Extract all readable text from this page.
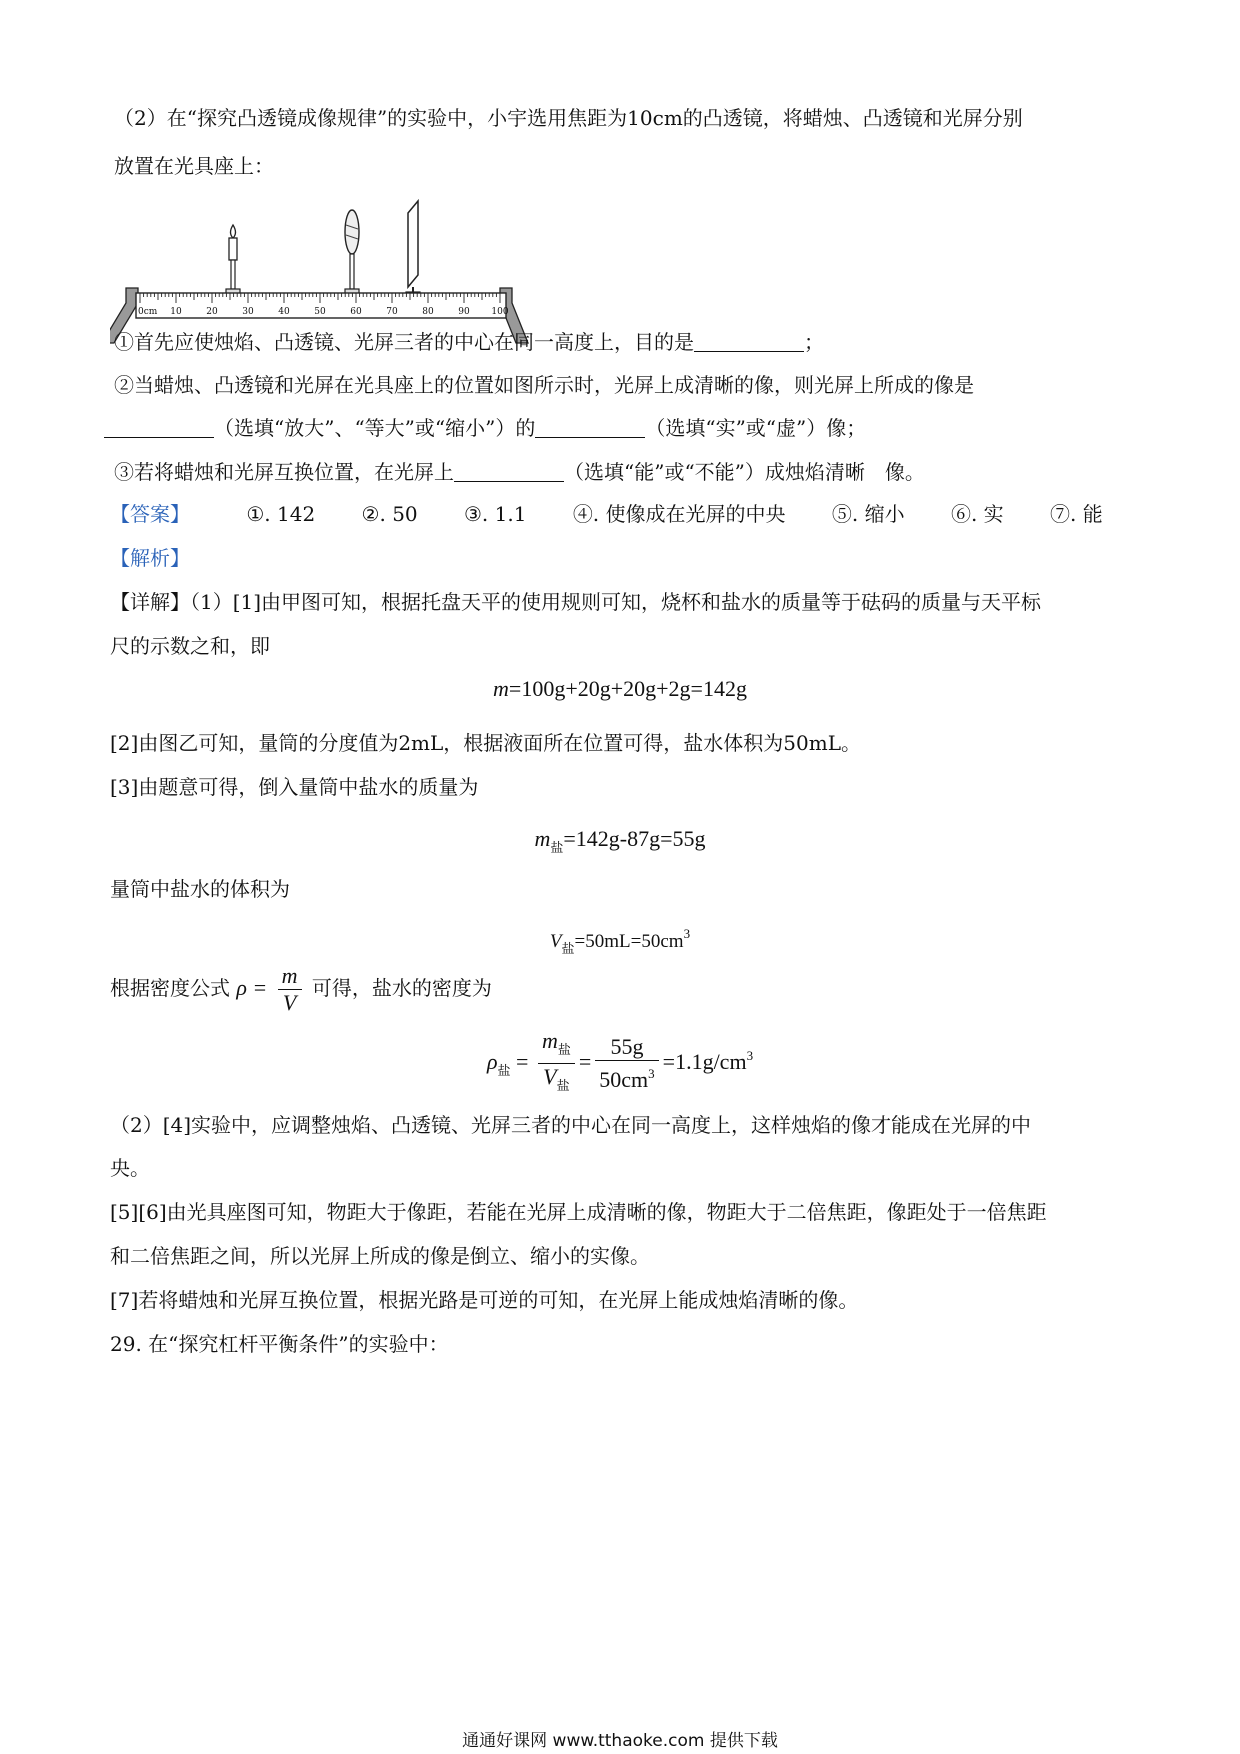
（2）在“探究凸透镜成像规律”的实验中，小宇选用焦距为10cm的凸透镜，将蜡烛、凸透镜和光屏分别
放置在光具座上：
0cm 10	20	30	40	50	60	70	80	90 100
①首先应使烛焰、凸透镜、光屏三者的中心在同一高度上，目的是	；
②当蜡烛、凸透镜和光屏在光具座上的位置如图所示时，光屏上成清晰的像，则光屏上所成的像是
（选填“放大”、“等大”或“缩小”）的	（选填“实”或“虚”）像；
③若将蜡烛和光屏互换位置，在光屏上	（选填“能”或“不能”）成烛焰清晰　像。
【答案】	①. 142 ②. 50 ③. 1.1 ④. 使像成在光屏的中央 ⑤. 缩小 ⑥. 实 ⑦. 能
【解析】
【详解】（1）[1]由甲图可知，根据托盘天平的使用规则可知，烧杯和盐水的质量等于砝码的质量与天平标
尺的示数之和，即
m=100g+20g+20g+2g=142g
[2]由图乙可知，量筒的分度值为2mL，根据液面所在位置可得，盐水体积为50mL。
[3]由题意可得，倒入量筒中盐水的质量为
$m_盐=142g-87g=55g$
量筒中盐水的体积为
$V_盐=50mL=50cm^3$
根据密度公式 $\rho = \frac{m}{V}$ 可得，盐水的密度为
$\rho_盐 = \frac{m_盐}{V_盐} = \frac{55g}{50cm^3} =1.1g/cm^3$
（2）[4]实验中，应调整烛焰、凸透镜、光屏三者的中心在同一高度上，这样烛焰的像才能成在光屏的中
央。
[5][6]由光具座图可知，物距大于像距，若能在光屏上成清晰的像，物距大于二倍焦距，像距处于一倍焦距
和二倍焦距之间，所以光屏上所成的像是倒立、缩小的实像。
[7]若将蜡烛和光屏互换位置，根据光路是可逆的可知，在光屏上能成烛焰清晰的像。
29. 在“探究杠杆平衡条件”的实验中：
通通好课网 www.tthaoke.com 提供下载
